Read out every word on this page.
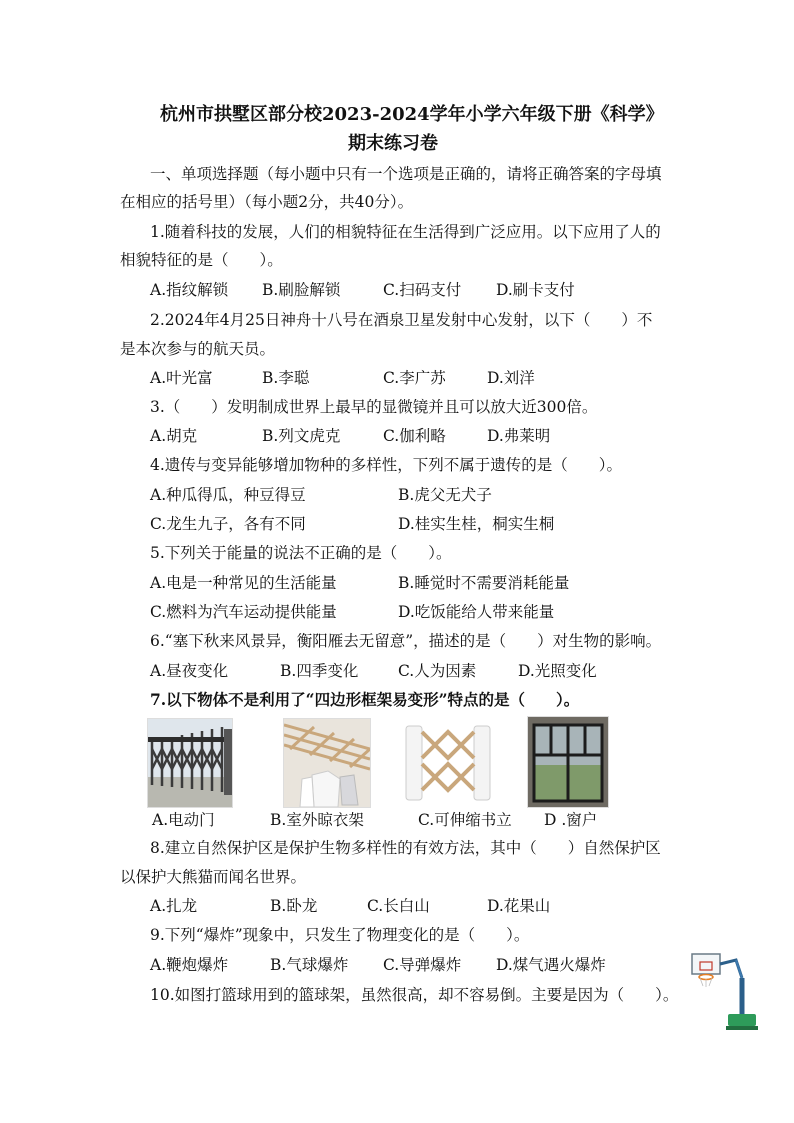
杭州市拱墅区部分校2023-2024学年小学六年级下册《科学》
期末练习卷
一、单项选择题（每小题中只有一个选项是正确的，请将正确答案的字母填
在相应的括号里）（每小题2分，共40分）。
1.随着科技的发展，人们的相貌特征在生活得到广泛应用。以下应用了人的
相貌特征的是（　　）。
A.指纹解锁 B.刷脸解锁	C.扫码支付 D.刷卡支付
2.2024年4月25日神舟十八号在酒泉卫星发射中心发射，以下（　　）不
是本次参与的航天员。
A.叶光富	B.李聪	C.李广苏	D.刘洋
3.（　　）发明制成世界上最早的显微镜并且可以放大近300倍。
A.胡克	B.列文虎克	C.伽利略	D.弗莱明
4.遗传与变异能够增加物种的多样性，下列不属于遗传的是（　　）。
A.种瓜得瓜，种豆得豆	B.虎父无犬子
C.龙生九子，各有不同	D.桂实生桂，桐实生桐
5.下列关于能量的说法不正确的是（　　）。
A.电是一种常见的生活能量	B.睡觉时不需要消耗能量
C.燃料为汽车运动提供能量	D.吃饭能给人带来能量
6.“塞下秋来风景异，衡阳雁去无留意”，描述的是（　　）对生物的影响。
A.昼夜变化	B.四季变化	C.人为因素	D.光照变化
7.以下物体不是利用了“四边形框架易变形”特点的是（　　）。
A.电动门	B.室外晾衣架	C.可伸缩书立 D .窗户
8.建立自然保护区是保护生物多样性的有效方法，其中（　　）自然保护区
以保护大熊猫而闻名世界。
A.扎龙	B.卧龙	C.长白山	D.花果山
9.下列“爆炸”现象中，只发生了物理变化的是（　　）。
A.鞭炮爆炸	B.气球爆炸 C.导弹爆炸 D.煤气遇火爆炸
10.如图打篮球用到的篮球架，虽然很高，却不容易倒。主要是因为（　　）。
